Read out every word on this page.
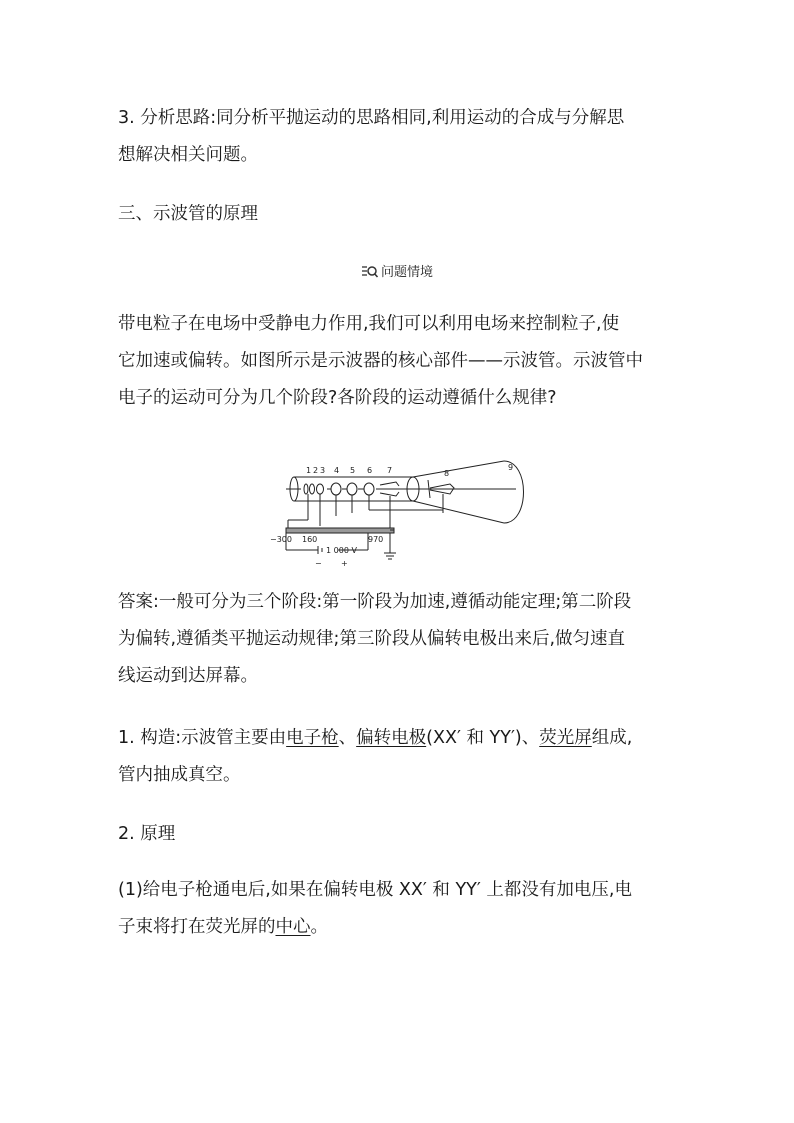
3. 分析思路:同分析平抛运动的思路相同,利用运动的合成与分解思
想解决相关问题。
三、示波管的原理
问题情境
带电粒子在电场中受静电力作用,我们可以利用电场来控制粒子,使
它加速或偏转。如图所示是示波器的核心部件——示波管。示波管中
电子的运动可分为几个阶段?各阶段的运动遵循什么规律?
1 2 3 4 5 6 7	8
9
−300 160	970
1 000 V
− +
答案:一般可分为三个阶段:第一阶段为加速,遵循动能定理;第二阶段
为偏转,遵循类平抛运动规律;第三阶段从偏转电极出来后,做匀速直
线运动到达屏幕。
1. 构造:示波管主要由电子枪、偏转电极(XX′ 和 YY′)、荧光屏组成,
管内抽成真空。
2. 原理
(1)给电子枪通电后,如果在偏转电极 XX′ 和 YY′ 上都没有加电压,电
子束将打在荧光屏的中心。
